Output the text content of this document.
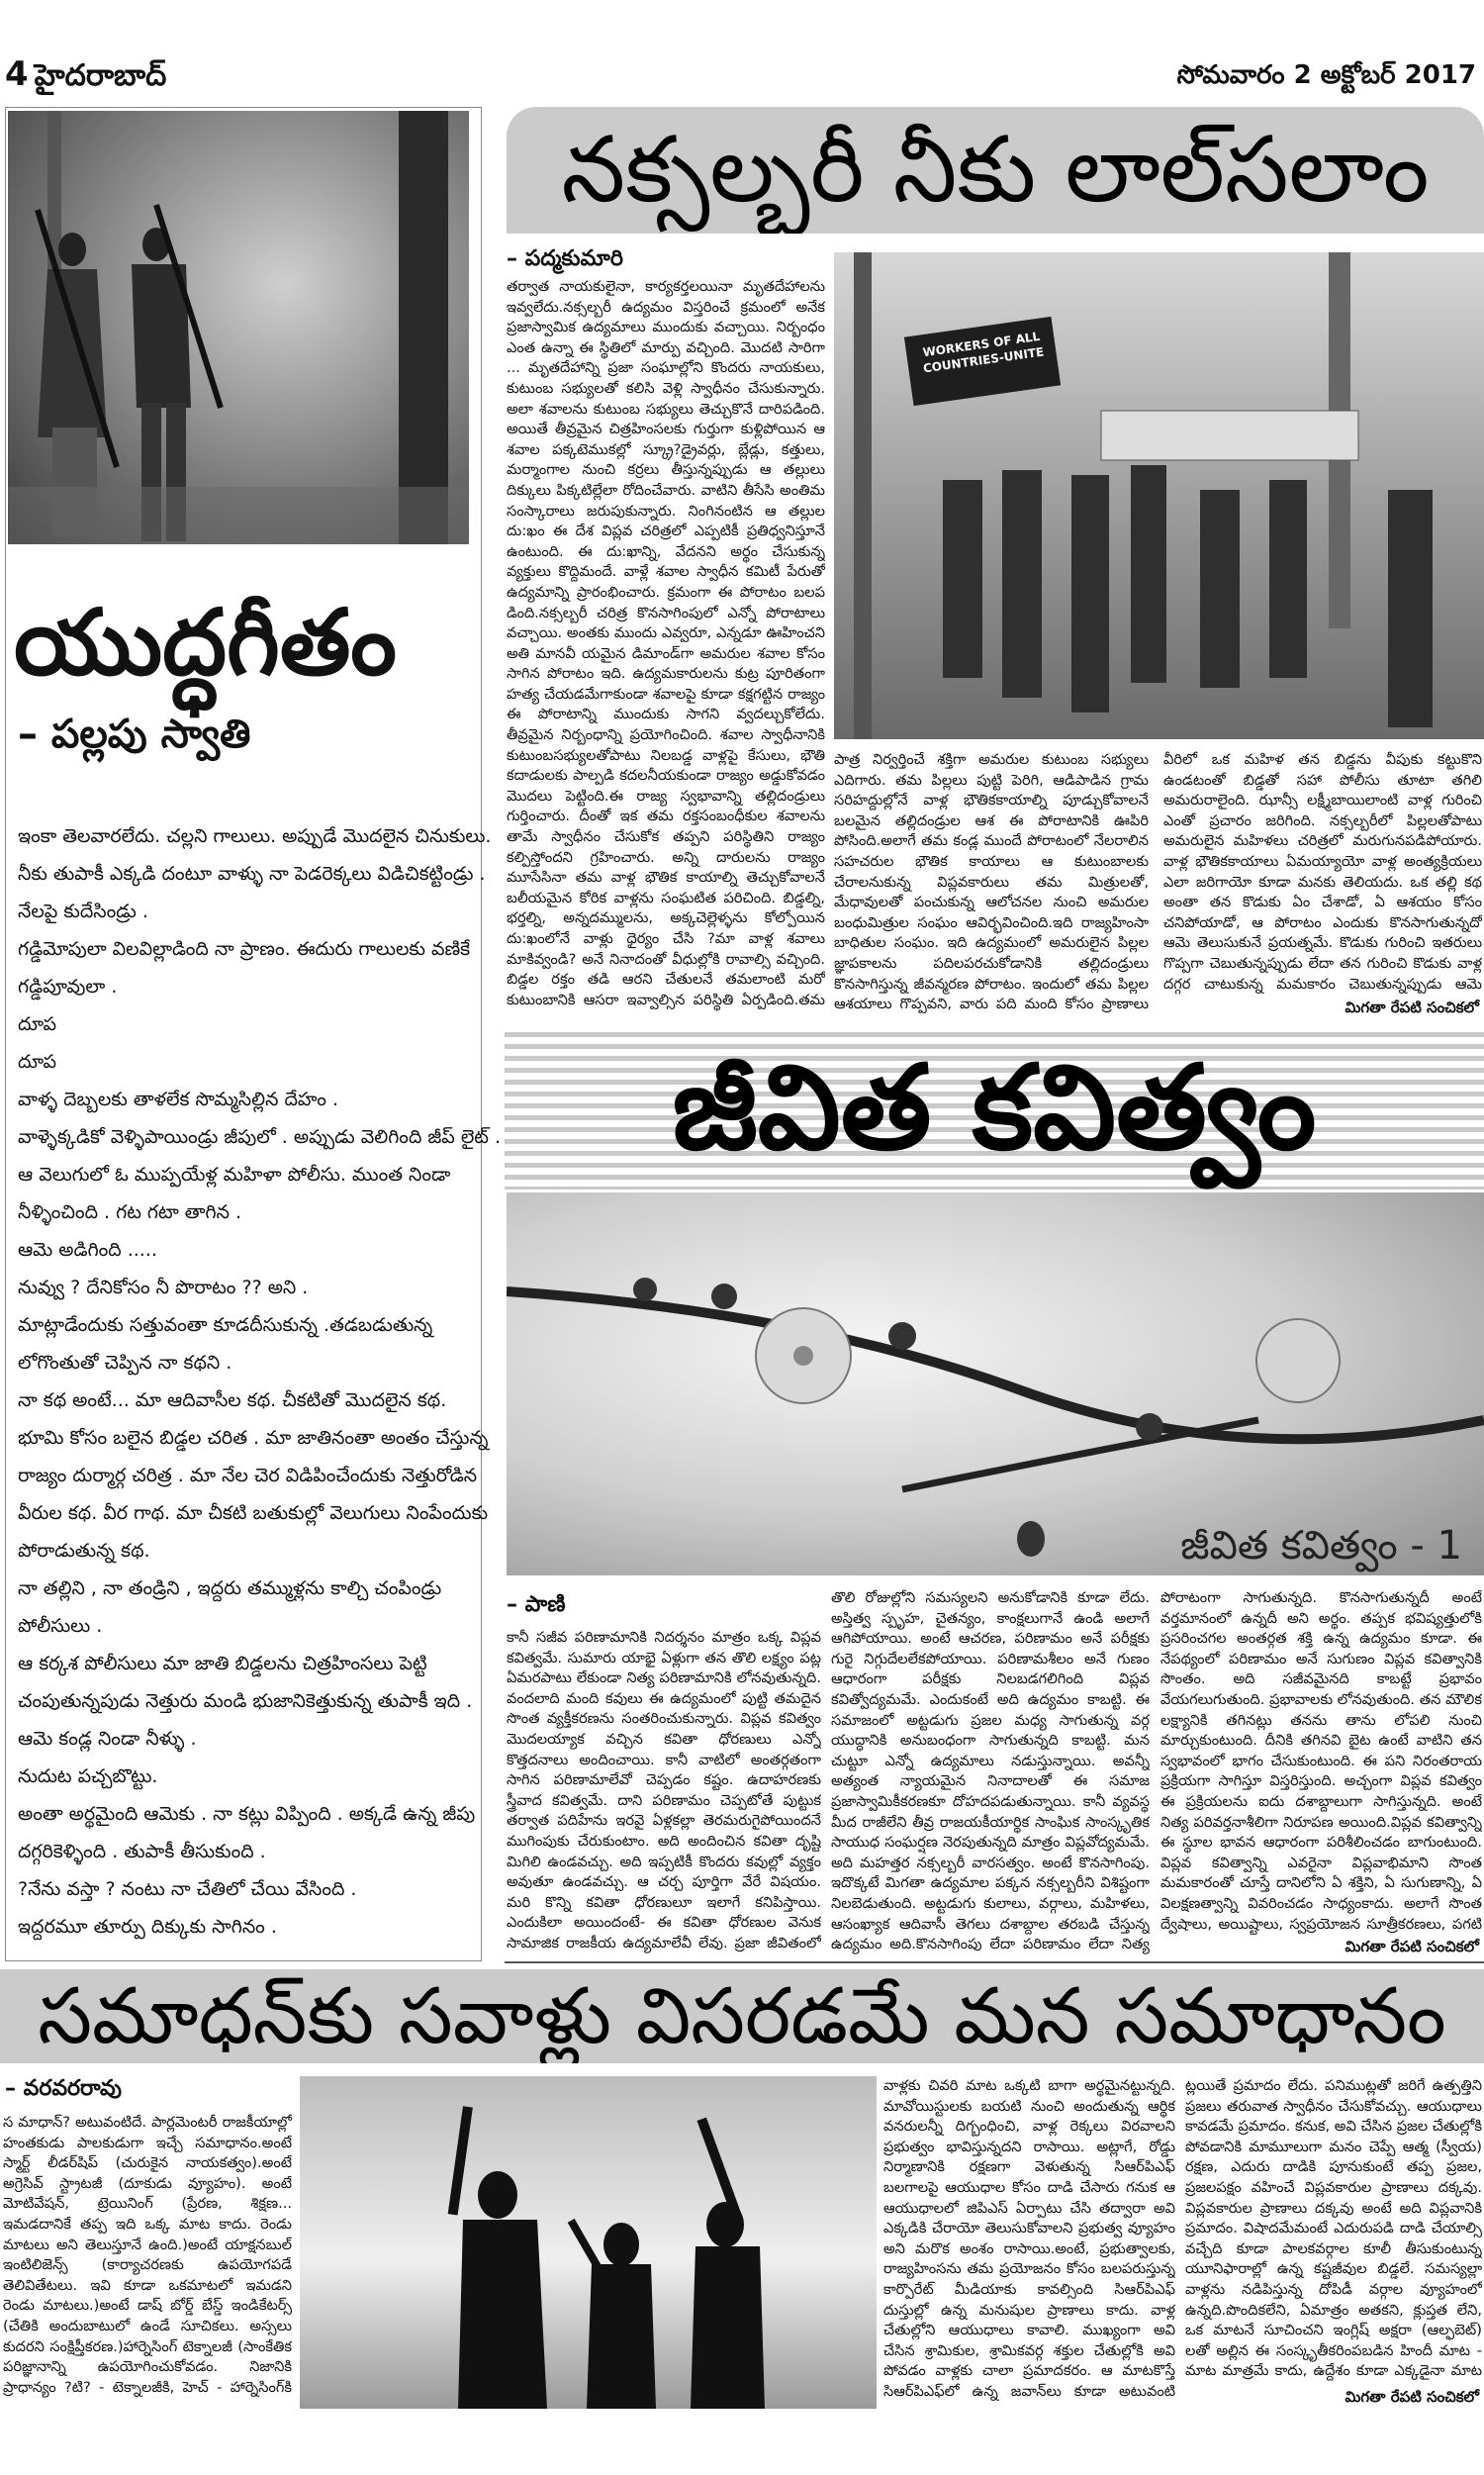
4 హైదరాబాద్	సోమవారం 2 అక్టోబర్ 2017
యుద్ధగీతం
– పల్లపు స్వాతి
ఇంకా తెలవారలేదు. చల్లని గాలులు. అప్పుడే మొదలైన చినుకులు.
నీకు తుపాకీ ఎక్కడి దంటూ వాళ్ళు నా పెడరెక్కలు విడిచికట్టిండ్రు .
నేలపై కుదేసిండ్రు .
గడ్డిమోపులా విలవిల్లాడింది నా ప్రాణం. ఈదురు గాలులకు వణికే
గడ్డిపూవులా .
దూప
దూప
వాళ్ళ దెబ్బలకు తాళలేక సొమ్మసిల్లిన దేహం .
వాళ్ళెక్కడికో వెళ్ళిపాయిండ్రు జీపులో . అప్పుడు వెలిగింది జీప్ లైట్ .
ఆ వెలుగులో ఓ ముప్పయేళ్ల మహిళా పోలీసు. ముంత నిండా
నీళ్ళించింది . గట గటా తాగిన .
ఆమె అడిగింది .....
నువ్వు ? దేనికోసం నీ పొరాటం ?? అని .
మాట్లాడేందుకు సత్తువంతా కూడదీసుకున్న .తడబడుతున్న
లోగొంతుతో చెప్పిన నా కథని .
నా కథ అంటే... మా ఆదివాసీల కథ. చీకటితో మొదలైన కథ.
భూమి కోసం బలైన బిడ్డల చరిత . మా జాతినంతా అంతం చేస్తున్న
రాజ్యం దుర్మార్గ చరిత్ర . మా నేల చెర విడిపించేందుకు నెత్తురోడిన
వీరుల కథ. వీర గాథ. మా చీకటి బతుకుల్లో వెలుగులు నింపేందుకు
పోరాడుతున్న కథ.
నా తల్లిని , నా తండ్రిని , ఇద్దరు తమ్ముళ్లను కాల్చి చంపిండ్రు
పోలీసులు .
ఆ కర్కశ పోలీసులు మా జాతి బిడ్డలను చిత్రహింసలు పెట్టి
చంపుతున్నపుడు నెత్తురు మండి భుజానికెత్తుకున్న తుపాకీ ఇది .
ఆమె కండ్ల నిండా నీళ్ళు .
నుదుట పచ్చబొట్టు.
అంతా అర్థమైంది ఆమెకు . నా కట్లు విప్పింది . అక్కడే ఉన్న జీపు
దగ్గరికెళ్ళింది . తుపాకీ తీసుకుంది .
?నేను వస్తా ? నంటు నా చేతిలో చేయి వేసింది .
ఇద్దరమూ తూర్పు దిక్కుకు సాగినం .
నక్సల్బరీ నీకు లాల్‌సలాం
– పద్మకుమారి
తర్వాత నాయకులైనా, కార్యకర్తలయినా మృతదేహాలను ఇవ్వలేదు.నక్సల్బరీ ఉద్యమం విస్తరించే క్రమంలో అనేక ప్రజాస్వామిక ఉద్యమాలు ముందుకు వచ్చాయి. నిర్బంధం ఎంత ఉన్నా ఈ స్థితిలో మార్పు వచ్చింది. మొదటి సారిగా ... మృతదేహాన్ని ప్రజా సంఘాల్లోని కొందరు నాయకులు, కుటుంబ సభ్యులతో కలిసి వెళ్లి స్వాధీనం చేసుకున్నారు. అలా శవాలను కుటుంబ సభ్యులు తెచ్చుకొనే దారిపడింది. అయితే తీవ్రమైన చిత్రహింసలకు గుర్తుగా కుళ్లిపోయిన ఆ శవాల పక్కటెముకల్లో స్క్రూ?డ్రైవర్లు, బ్లేడ్లు, కత్తులు, మర్మాంగాల నుంచి కర్రలు తీస్తున్నప్పుడు ఆ తల్లులు దిక్కులు పిక్కటిల్లేలా రోదించేవారు. వాటిని తీసేసి అంతిమ సంస్కారాలు జరుపుకున్నారు. నింగినంటిన ఆ తల్లుల దు:ఖం ఈ దేశ విప్లవ చరిత్రలో ఎప్పటికీ ప్రతిధ్వనిస్తూనే ఉంటుంది. ఈ దు:ఖాన్ని, వేదనని అర్థం చేసుకున్న వ్యక్తులు కొద్దిమందే. వాళ్లే శవాల స్వాధీన కమిటీ పేరుతో ఉద్యమాన్ని ప్రారంభించారు. క్రమంగా ఈ పోరాటం బలప డింది.నక్సల్బరీ చరిత్ర కొనసాగింపులో ఎన్నో పోరాటాలు వచ్చాయి. అంతకు ముందు ఎవ్వరూ, ఎన్నడూ ఊహించని అతి మానవీ యమైన డిమాండ్‌గా అమరుల శవాల కోసం సాగిన పోరాటం ఇది. ఉద్యమకారులను కుట్ర పూరితంగా హత్య చేయడమేగాకుండా శవాలపై కూడా కక్షగట్టిన రాజ్యం ఈ పోరాటాన్ని ముందుకు సాగని వ్వదల్చుకోలేదు. తీవ్రమైన నిర్బంధాన్ని ప్రయోగించింది. శవాల స్వాధీనానికి కుటుంబసభ్యులతోపాటు నిలబడ్డ వాళ్లపై కేసులు, భౌతి కదాడులకు పాల్పడి కదలనీయకుండా రాజ్యం అడ్డుకోవడం మొదలు పెట్టింది.ఈ రాజ్య స్వభావాన్ని తల్లిదండ్రులు గుర్తించారు. దీంతో ఇక తమ రక్తసంబంధీకుల శవాలను తామే స్వాధీనం చేసుకోక తప్పని పరిస్థితిని రాజ్యం కల్పిస్తోందని గ్రహించారు. అన్ని దారులను రాజ్యం మూసేసినా తమ వాళ్ల భౌతిక కాయాల్ని తెచ్చుకోవాలనే బలీయమైన కోరిక వాళ్లను సంఘటిత పరిచింది. బిడ్డల్ని, భర్తల్ని, అన్నదమ్ములను, అక్కచెల్లెళ్ళను కోల్పోయిన దు:ఖంలోనే వాళ్లు ధైర్యం చేసి ?మా వాళ్ల శవాలు మాకివ్వండి? అనే నినాదంతో వీధుల్లోకి రావాల్సి వచ్చింది. బిడ్డల రక్తం తడి ఆరని చేతులనే తమలాంటి మరో కుటుంబానికి ఆసరా ఇవ్వాల్సిన పరిస్థితి ఏర్పడింది.తమ
WORKERS OF ALL COUNTRIES-UNITE
పాత్ర నిర్వర్తించే శక్తిగా అమరుల కుటుంబ సభ్యులు ఎదిగారు. తమ పిల్లలు పుట్టి పెరిగి, ఆడిపాడిన గ్రామ సరిహద్దుల్లోనే వాళ్ల భౌతికకాయాల్ని పూడ్చుకోవాలనే బలమైన తల్లిదండ్రుల ఆశ ఈ పోరాటానికి ఊపిరి పోసింది.అలాగే తమ కండ్ల ముందే పోరాటంలో నేలరాలిన సహచరుల భౌతిక కాయాలు ఆ కుటుంబాలకు చేరాలనుకున్న విప్లవకారులు తమ మిత్రులతో, మేధావులతో పంచుకున్న ఆలోచనల నుంచి అమరుల బంధుమిత్రుల సంఘం ఆవిర్భవించింది.ఇది రాజ్యహింసా బాధితుల సంఘం. ఇది ఉద్యమంలో అమరులైన పిల్లల జ్ఞాపకాలను పదిలపరచుకోడానికి తల్లిదండ్రులు కొనసాగిస్తున్న జీవన్మరణ పోరాటం. ఇందులో తమ పిల్లల ఆశయాలు గొప్పవని, వారు పది మంది కోసం ప్రాణాలు
వీరిలో ఒక మహిళ తన బిడ్డను వీపుకు కట్టుకొని ఉండటంతో బిడ్డతో సహా పోలీసు తూటా తగిలి అమరురాలైంది. ఝాన్సీ లక్ష్మీబాయిలాంటి వాళ్ల గురించి ఎంతో ప్రచారం జరిగింది. నక్సల్బరీలో పిల్లలతోపాటు అమరులైన మహిళలు చరిత్రలో మరుగునపడిపోయారు. వాళ్ల భౌతికకాయాలు ఏమయ్యాయో వాళ్ల అంత్యక్రియలు ఎలా జరిగాయో కూడా మనకు తెలియదు. ఒక తల్లి కథ అంతా తన కొడుకు ఏం చేశాడో, ఏ ఆశయం కోసం చనిపోయాడో, ఆ పోరాటం ఎందుకు కొనసాగుతున్నదో ఆమె తెలుసుకునే ప్రయత్నమే. కొడుకు గురించి ఇతరులు గొప్పగా చెబుతున్నప్పుడు లేదా తన గురించి కొడుకు వాళ్ల దగ్గర చాటుకున్న మమకారం చెబుతున్నప్పుడు ఆమె
మిగతా రేపటి సంచికలో
జీవిత కవిత్వం
జీవిత కవిత్వం - 1
– పాణి
కానీ సజీవ పరిణామానికి నిదర్శనం మాత్రం ఒక్క విప్లవ కవిత్వమే. సుమారు యాభై ఏళ్లుగా తన తొలి లక్ష్యం పట్ల ఏమరపాటు లేకుండా నిత్య పరిణామానికి లోనవుతున్నది. వందలాది మంది కవులు ఈ ఉద్యమంలో పుట్టి తమదైన సొంత వ్యక్తీకరణను సంతరించుకున్నారు. విప్లవ కవిత్వం మొదలయ్యాక వచ్చిన కవితా ధోరణులు ఎన్నో కొత్తదనాలు అందించాయి. కానీ వాటిలో అంతర్గతంగా సాగిన పరిణామాలేవో చెప్పడం కష్టం. ఉదాహరణకు స్త్రీవాద కవిత్వమే. దాని పరిణామం చెప్పటోతే పుట్టుక తర్వాత పదిహేను ఇరవై ఏళ్లకల్లా తెరమరుగైపోయిందనే ముగింపుకు చేరుకుంటాం. అది అందించిన కవితా దృష్టి మిగిలి ఉండవచ్చు. అది ఇప్పటికీ కొందరు కవుల్లో వ్యక్తం అవుతూ ఉండవచ్చు. ఆ చర్చ పూర్తిగా వేరే విషయం. మరి కొన్ని కవితా ధోరణులూ ఇలాగే కనిపిస్తాయి. ఎందుకిలా అయిందంటే- ఈ కవితా ధోరణుల వెనుక సామాజిక రాజకీయ ఉద్యమాలేవీ లేవు. ప్రజా జీవితంలో
తొలి రోజుల్లోని సమస్యలని అనుకోడానికి కూడా లేదు. అస్తిత్వ స్పృహ, చైతన్యం, కాంక్షలుగానే ఉండి అలాగే ఆగిపోయాయి. అంటే ఆచరణ, పరిణామం అనే పరీక్షకు గురై నిగ్గుదేలలేకపోయాయి. పరిణామశీలం అనే గుణం ఆధారంగా పరీక్షకు నిలబడగలిగింది విప్లవ కవిత్వోద్యమమే. ఎందుకంటే అది ఉద్యమం కాబట్టి. ఈ సమాజంలో అట్టడుగు ప్రజల మధ్య సాగుతున్న వర్గ యుద్ధానికి అనుబంధంగా సాగుతున్నది కాబట్టి. మన చుట్టూ ఎన్నో ఉద్యమాలు నడుస్తున్నాయి. అవన్నీ అత్యంత న్యాయమైన నినాదాలతో ఈ సమాజ ప్రజాస్వామికీకరణకూ దోహదపడుతున్నాయి. కానీ వ్యవస్థ మీద రాజీలేని తీవ్ర రాజయకీయార్థిక సాంఘిక సాంస్కృతిక సాయుధ సంఘర్షణ నెరపుతున్నది మాత్రం విప్లవోద్యమమే. అది మహత్తర నక్సల్బరీ వారసత్వం. అంటే కొనసాగింపు. ఇదొక్కటే మిగతా ఉద్యమాల పక్కన నక్సల్బరీని విశిష్టంగా నిలబెడుతుంది. అట్టడుగు కులాలు, వర్గాలు, మహిళలు, ఆసంఖ్యాక ఆదివాసీ తెగలు దశాబ్దాల తరబడి చేస్తున్న ఉద్యమం అది.కొనసాగింపు లేదా పరిణామం లేదా నిత్య
పోరాటంగా సాగుతున్నది. కొనసాగుతున్నదీ అంటే వర్తమానంలో ఉన్నదీ అని అర్థం. తప్పక భవిష్యత్తులోకి ప్రసరించగల అంతర్గత శక్తి ఉన్న ఉద్యమం కూడా. ఈ నేపథ్యంలో పరిణామం అనే సుగుణం విప్లవ కవిత్వానికి సొంతం. అది సజీవమైనది కాబట్టే ప్రభావం వేయగలుగుతుంది. ప్రభావాలకు లోనవుతుంది. తన మౌలిక లక్ష్యానికి తగినట్లు తనను తాను లోపలి నుంచి మార్చుకుంటుంది. దీనికి తగినవి బైట ఉంటే వాటిని తన స్వభావంలో భాగం చేసుకుంటుంది. ఈ పని నిరంతరాయ ప్రక్రియగా సాగిస్తూ విస్తరిస్తుంది. అచ్చంగా విప్లవ కవిత్వం ఈ ప్రక్రియలను ఐదు దశాబ్దాలుగా సాగిస్తున్నది. అంటే నిత్య పరివర్తనాశీలిగా నిరూపణ అయింది.విప్లవ కవిత్వాన్ని ఈ స్థూల భావన ఆధారంగా పరిశీలించడం బాగుంటుంది. విప్లవ కవిత్వాన్ని ఎవరైనా విప్లవాభిమాని సొంత మమకారంతో చూస్తే దానిలోని ఏ శక్తిని, ఏ సుగుణాన్ని, ఏ విలక్షణత్వాన్ని వివరించడం సాధ్యంకాదు. అలాగే సొంత ద్వేషాలు, అయిష్టాలు, స్వప్రయోజన సూత్రీకరణలు, పగటి
మిగతా రేపటి సంచికలో
సమాధన్‌కు సవాళ్లు విసరడమే మన సమాధానం
– వరవరరావు
స మాధాన్? అటువంటిదే. పార్లమెంటరీ రాజకీయాల్లో హంతకుడు పాలకుడుగా ఇచ్చే సమాధానం.అంటే స్మార్ట్ లీడర్‌షిప్ (చురుకైన నాయకత్వం).అంటే అగ్రెసివ్ స్ట్రాటజీ (దూకుడు వ్యూహం). అంటే మోటివేషన్, ట్రెయినింగ్ (ప్రేరణ, శిక్షణ... ఇమడదానికే తప్ప ఇది ఒక్క మాట కాదు. రెండు మాటలు అని తెలుస్తూనే ఉంది.)అంటే యాక్షనబుల్ ఇంటిలిజెన్స్ (కార్యాచరణకు ఉపయోగపడే తెలివితేటలు. ఇవి కూడా ఒకమాటలో ఇమడని రెండు మాటలు.)అంటే డాష్ బోర్డ్ బేస్డ్ ఇండికేటర్స్ (చేతికి అందుబాటులో ఉండే సూచికలు. అస్సలు కుదరని సంక్షిప్తీకరణ.)హార్నెసింగ్ టెక్నాలజీ (సాంకేతిక పరిజ్ఞానాన్ని ఉపయోగించుకోవడం. నిజానికి ప్రాధాన్యం ?టి? - టెక్నాలజీకి, హెచ్ - హార్నెసింగ్‌కి
వాళ్లకు చివరి మాట ఒక్కటి బాగా అర్థమైనట్టున్నది. మావోయిస్టులకు బయటి నుంచి అందుతున్న ఆర్థిక వనరులన్నీ దిగ్బంధించి, వాళ్ల రెక్కలు విరవాలని ప్రభుత్వం భావిస్తున్నదని రాసాయి. అట్లాగే, రోడ్డు నిర్మాణానికి రక్షణగా వెళుతున్న సిఆర్‌పిఎఫ్ బలగాలపై ఆయుధాల కోసం దాడి చేసారు గనుక ఆ ఆయుధాలలో జిపిఎస్ ఏర్పాటు చేసి తద్వారా అవి ఎక్కడికి చేరాయో తెలుసుకోవాలని ప్రభుత్వ వ్యూహం అని మరొక అంశం రాసాయి.అంటే, ప్రభుత్వాలకు, రాజ్యహింసను తమ ప్రయోజనం కోసం బలపరుస్తున్న కార్పొరేట్ మీడియాకు కావల్సింది సిఆర్‌పిఎఫ్ దుస్తుల్లో ఉన్న మనుషుల ప్రాణాలు కాదు. వాళ్ల చేతుల్లోని ఆయుధాలు కావాలి. ముఖ్యంగా అవి చేసిన శ్రామికుల, శ్రామికవర్గ శక్తుల చేతుల్లోకి అవి పోవడం వాళ్లకు చాలా ప్రమాదకరం. ఆ మాటకొస్తే సిఆర్‌పిఎఫ్‌లో ఉన్న జవాన్‌లు కూడా అటువంటి
ట్లయితే ప్రమాదం లేదు. పనిముట్లతో జరిగే ఉత్పత్తిని ప్రజలు తరువాత స్వాధీనం చేసుకోవచ్చు. ఆయుధాలు కావడమే ప్రమాదం. కనుక, అవి చేసిన ప్రజల చేతుల్లోకి పోవడానికి మామూలుగా మనం చెప్పే ఆత్మ (స్వీయ) రక్షణ, ఎదురు దాడికి పూనుకుంటే తప్ప ప్రజల, ప్రజలపక్షం వహించే విప్లవకారుల ప్రాణాలు దక్కవు. విప్లవకారుల ప్రాణాలు దక్కవు అంటే అది విప్లవానికి ప్రమాదం. విషాదమేమంటే ఎదురుపడి దాడి చేయాల్సి వచ్చేది కూడా పాలకవర్గాల కూలీ తీసుకుంటున్న యూనిఫారాల్లో ఉన్న కష్టజీవుల బిడ్డలే. సమస్యల్లా వాళ్లను నడిపిస్తున్న దోపిడీ వర్గాల వ్యూహంలో ఉన్నది.పొందికలేని, ఏమాత్రం అతకని, క్లుప్తత లేని, ఒక మాటనే సూచించని ఇంగ్లిష్ అక్షరా (ఆల్ఫబెట్) లతో అల్లిన ఈ సంస్కృతీకరింపబడిన హిందీ మాట - మాట మాత్రమే కాదు, ఉద్దేశం కూడా ఎక్కడైనా మాట
మిగతా రేపటి సంచికలో
